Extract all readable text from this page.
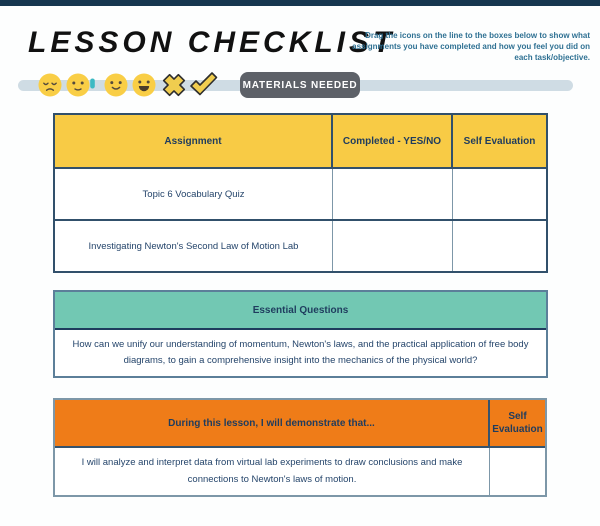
LESSON CHECKLIST

Drag the icons on the line to the boxes below to show what assignments you have completed and how you feel you did on each task/objective.

MATERIALS NEEDED
Assignment	Completed - YES/NO	Self Evaluation
Topic 6 Vocabulary Quiz
Investigating Newton's Second Law of Motion Lab
Essential Questions
How can we unify our understanding of momentum, Newton's laws, and the practical application of free body diagrams, to gain a comprehensive insight into the mechanics of the physical world?
During this lesson, I will demonstrate that...
Self Evaluation
I will analyze and interpret data from virtual lab experiments to draw conclusions and make connections to Newton's laws of motion.
